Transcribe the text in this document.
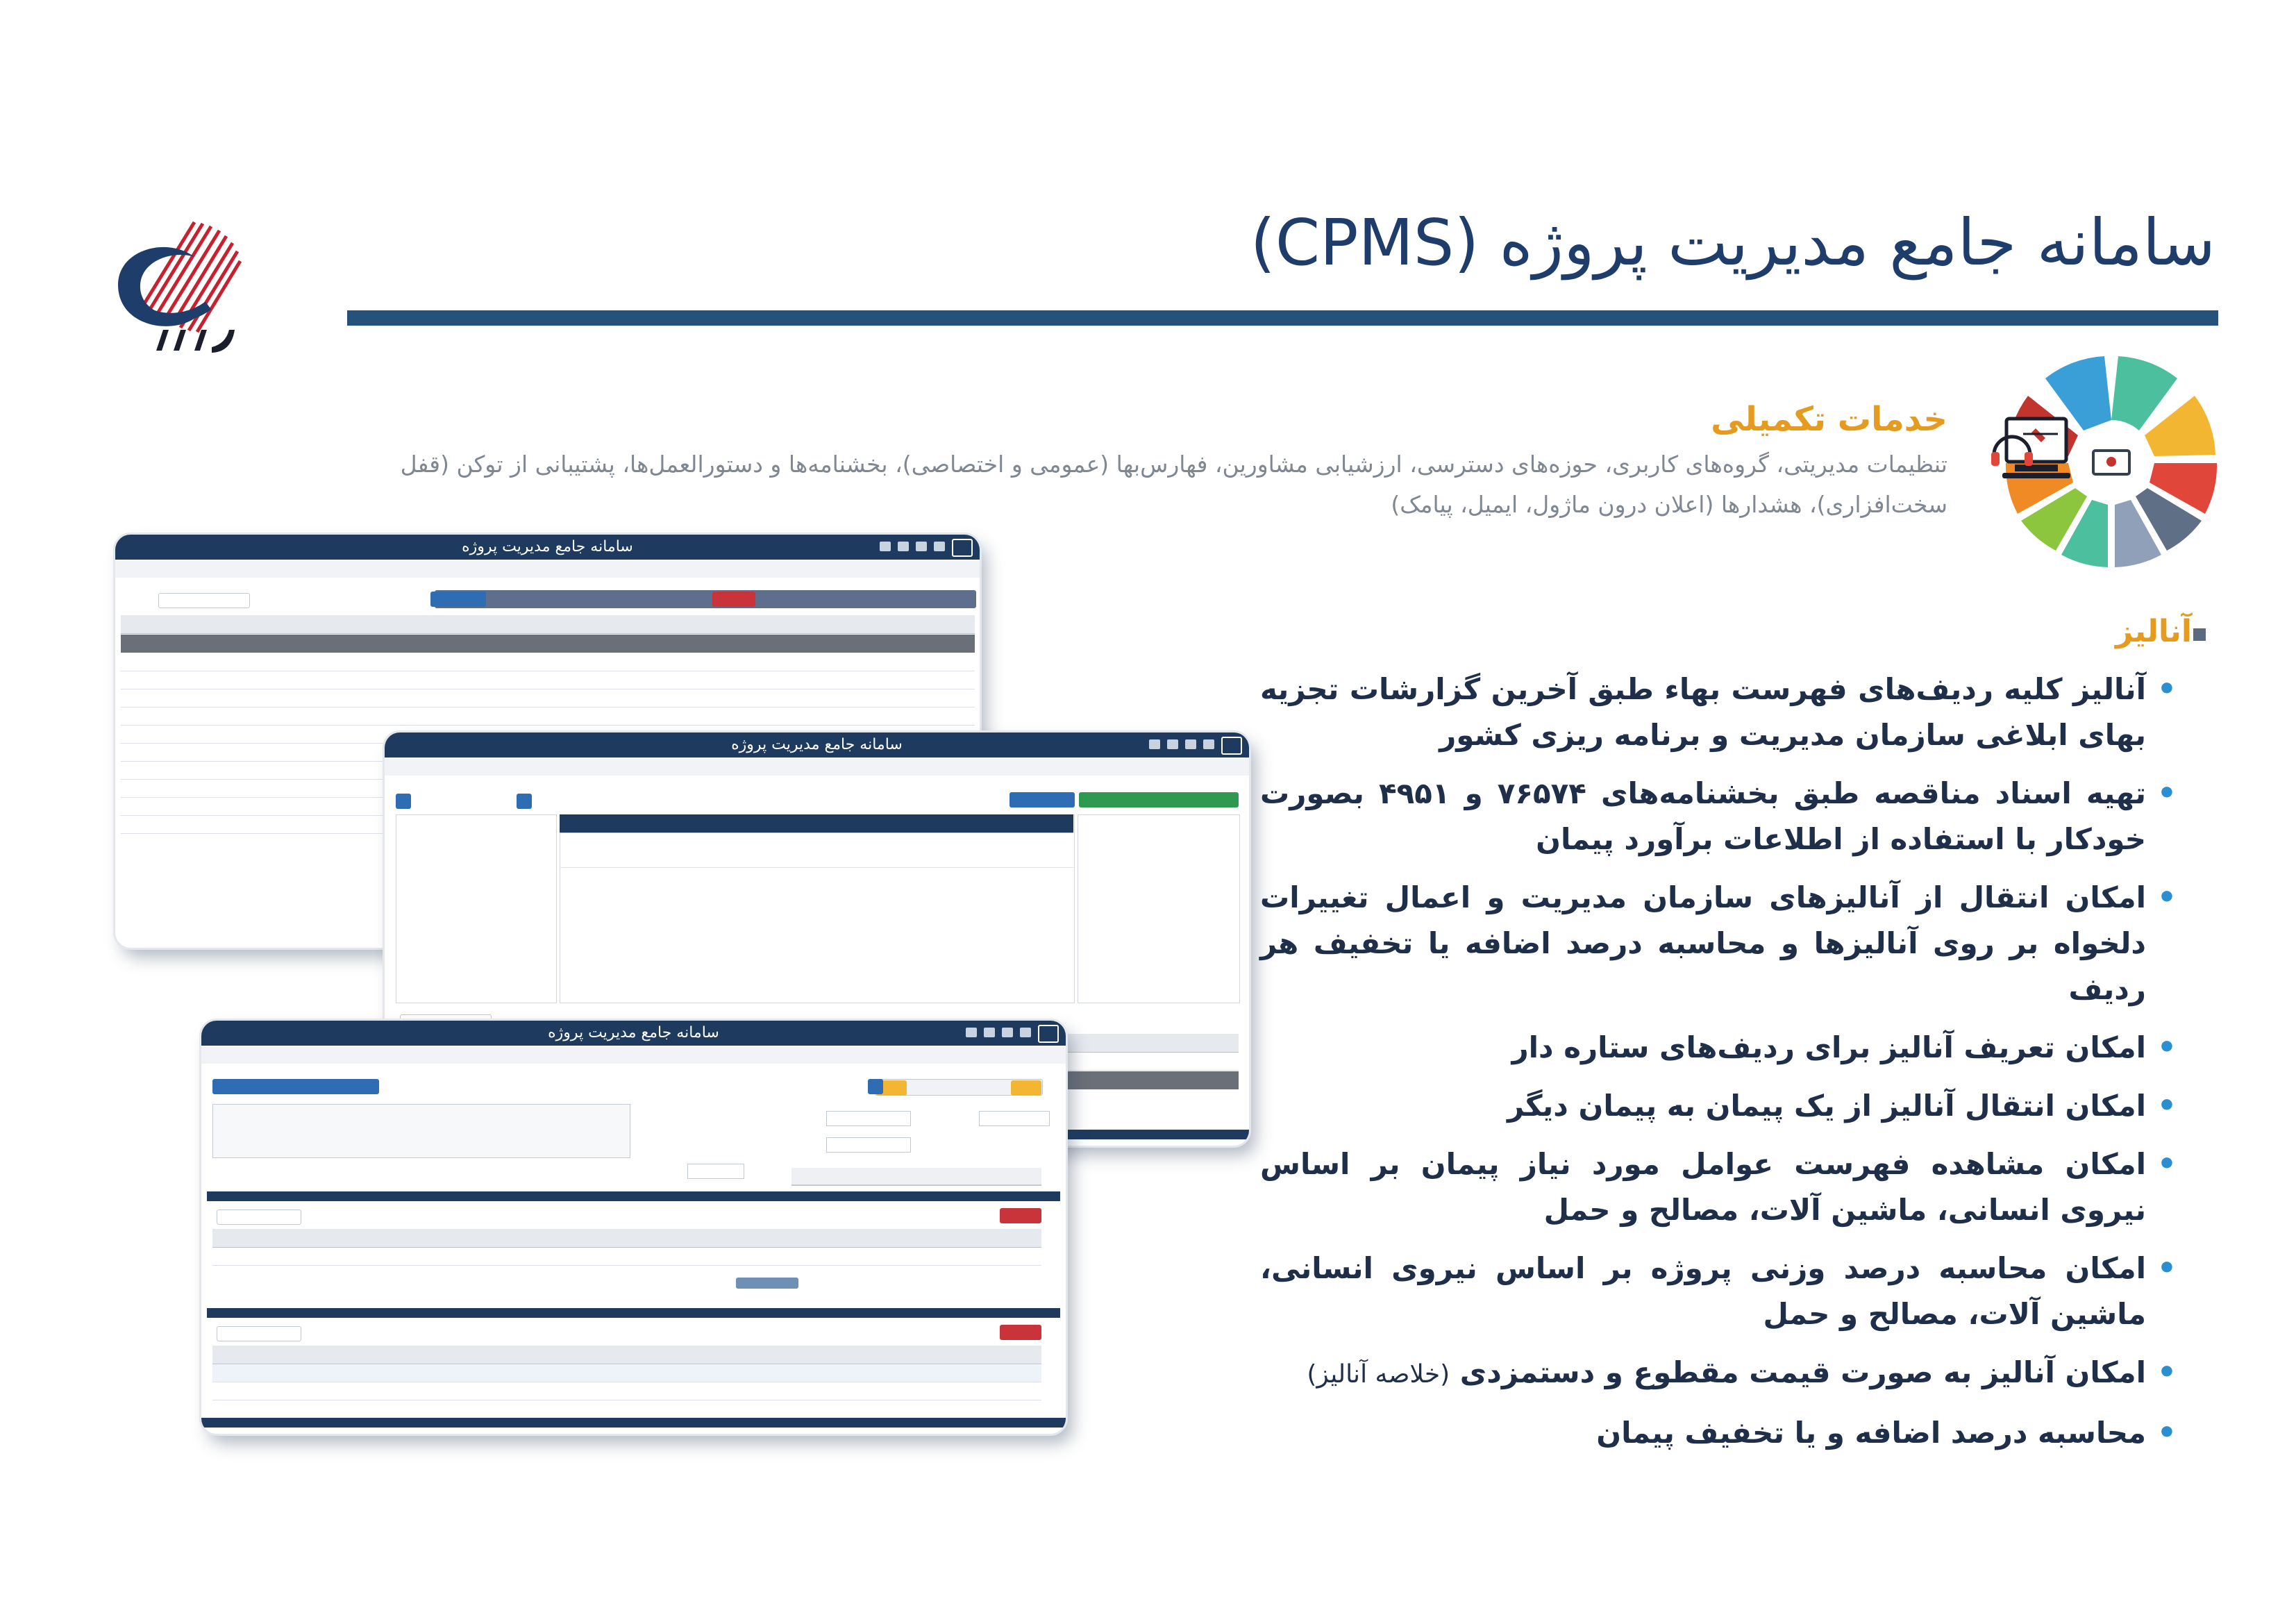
سامانه جامع مدیریت پروژه (CPMS)
خدمات تکمیلی
تنظیمات مدیریتی، گروه‌های کاربری، حوزه‌های دسترسی، ارزشیابی مشاورین، فهارس‌بها (عمومی و اختصاصی)، بخشنامه‌ها و دستورالعمل‌ها، پشتیبانی از توکن (قفل سخت‌افزاری)، هشدارها (اعلان درون ماژول، ایمیل، پیامک)
آنالیز
• آنالیز کلیه ردیف‌های فهرست بهاء طبق آخرین گزارشات تجزیه بهای ابلاغی سازمان مدیریت و برنامه ریزی کشور
• تهیه اسناد مناقصه طبق بخشنامه‌های ۷۶۵۷۴ و ۴۹۵۱ بصورت خودکار با استفاده از اطلاعات برآورد پیمان
• امکان انتقال از آنالیزهای سازمان مدیریت و اعمال تغییرات دلخواه بر روی آنالیزها و محاسبه درصد اضافه یا تخفیف هر ردیف
• امکان تعریف آنالیز برای ردیف‌های ستاره دار
• امکان انتقال آنالیز از یک پیمان به پیمان دیگر
• امکان مشاهده فهرست عوامل مورد نیاز پیمان بر اساس نیروی انسانی، ماشین آلات، مصالح و حمل
• امکان محاسبه درصد وزنی پروژه بر اساس نیروی انسانی، ماشین آلات، مصالح و حمل
• امکان آنالیز به صورت قیمت مقطوع و دستمزدی (خلاصه آنالیز)
• محاسبه درصد اضافه و یا تخفیف پیمان
سامانه جامع مدیریت پروژه
سامانه جامع مدیریت پروژه
سامانه جامع مدیریت پروژه
